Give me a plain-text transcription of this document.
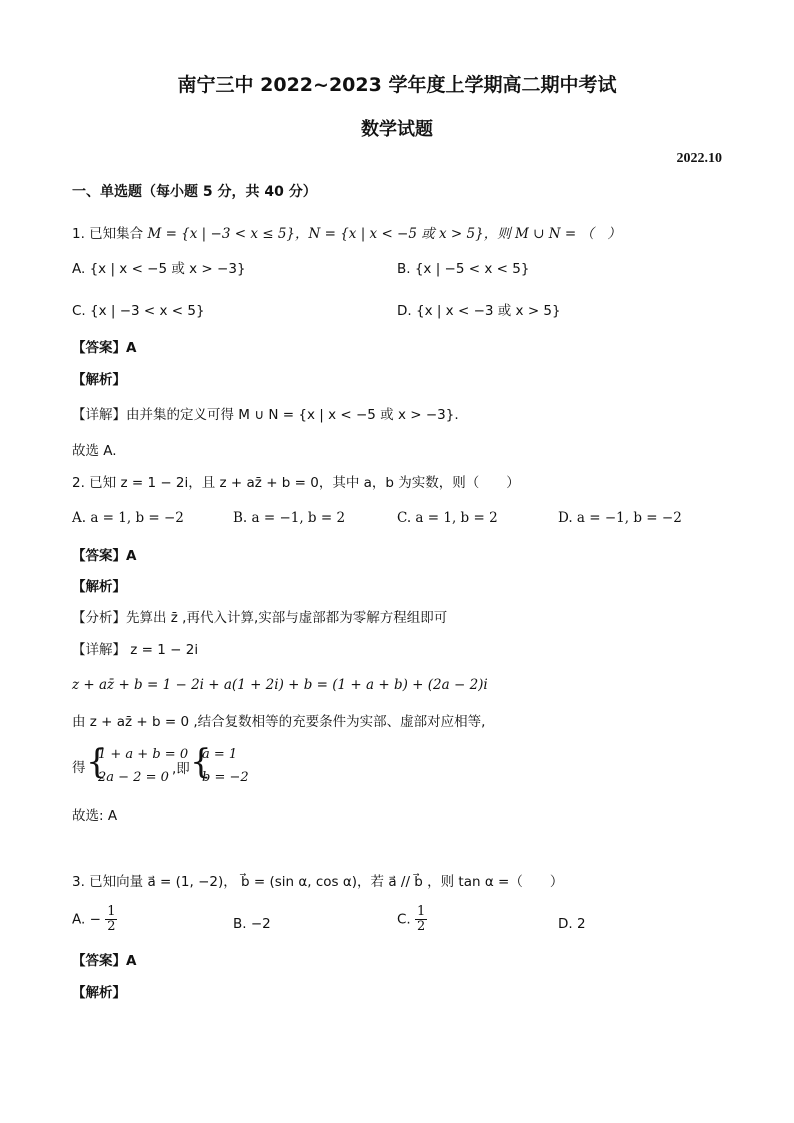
南宁三中 2022~2023 学年度上学期高二期中考试
数学试题
2022.10
一、单选题（每小题 5 分，共 40 分）
1. 已知集合 M = {x | −3 < x ≤ 5}，N = {x | x < −5 或 x > 5}，则 M ∪ N = （　）
A. {x | x < −5 或 x > −3}	B. {x | −5 < x < 5}
C. {x | −3 < x < 5}	D. {x | x < −3 或 x > 5}
【答案】A
【解析】
【详解】由并集的定义可得 M ∪ N = {x | x < −5 或 x > −3}.
故选 A.
2. 已知 z = 1 − 2i，且 z + az̄ + b = 0，其中 a，b 为实数，则（　　）
A. a = 1, b = −2	B. a = −1, b = 2	C. a = 1, b = 2	D. a = −1, b = −2
【答案】A
【解析】
【分析】先算出 z̄ ,再代入计算,实部与虚部都为零解方程组即可
【详解】 z = 1 − 2i
z + az̄ + b = 1 − 2i + a(1 + 2i) + b = (1 + a + b) + (2a − 2)i
由 z + az̄ + b = 0 ,结合复数相等的充要条件为实部、虚部对应相等,
得 {
1 + a + b = 0
2a − 2 = 0
,即 {
a = 1
b = −2
故选: A
3. 已知向量 a⃗ = (1, −2)， b⃗ = (sin α, cos α)，若 a⃗ // b⃗ ，则 tan α =（　　）
A. − $\frac{1}{2}$	B. −2	C. $\frac{1}{2}$	D. 2
【答案】A
【解析】
